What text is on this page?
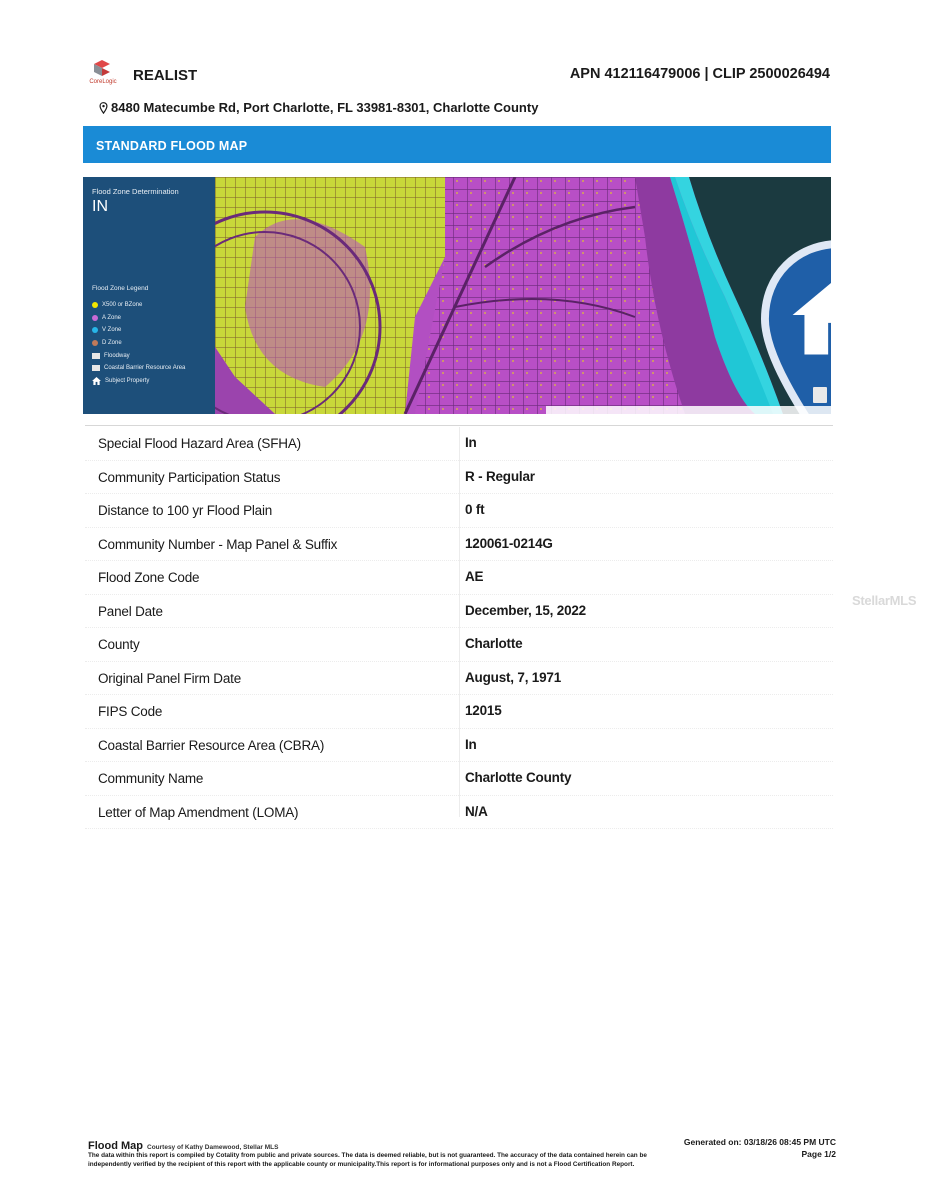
CoreLogic REALIST	APN 412116479006 | CLIP 2500026494
8480 Matecumbe Rd, Port Charlotte, FL 33981-8301, Charlotte County
STANDARD FLOOD MAP
Flood Zone Determination
IN
Flood Zone Legend
X500 or BZone
A Zone
V Zone
D Zone
Floodway
Coastal Barrier Resource Area
Subject Property
Special Flood Hazard Area (SFHA)	In
Community Participation Status	R - Regular
Distance to 100 yr Flood Plain	0 ft
Community Number - Map Panel & Suffix	120061-0214G
Flood Zone Code	AE
Panel Date	December, 15, 2022
County	Charlotte
Original Panel Firm Date	August, 7, 1971
FIPS Code	12015
Coastal Barrier Resource Area (CBRA)	In
Community Name	Charlotte County
Letter of Map Amendment (LOMA)	N/A
StellarMLS
Flood Map Courtesy of Kathy Damewood, Stellar MLS
The data within this report is compiled by Cotality from public and private sources. The data is deemed reliable, but is not guaranteed. The accuracy of the data contained herein can be independently verified by the recipient of this report with the applicable county or municipality.This report is for informational purposes only and is not a Flood Certification Report.
Generated on: 03/18/26 08:45 PM UTC
Page 1/2
